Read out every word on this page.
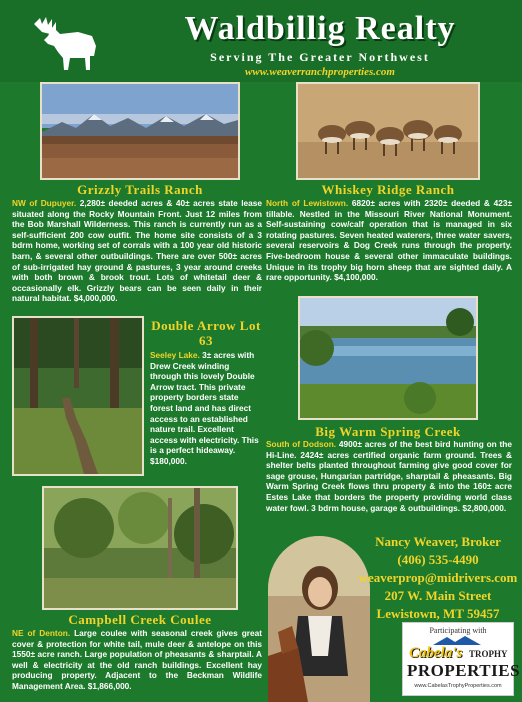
Waldbillig Realty
Serving The Greater Northwest
www.weaverranchproperties.com
Grizzly Trails Ranch
NW of Dupuyer. 2,280± deeded acres & 40± acres state lease situated along the Rocky Mountain Front. Just 12 miles from the Bob Marshall Wilderness. This ranch is currently run as a self-sufficient 200 cow outfit. The home site consists of a 3 bdrm home, working set of corrals with a 100 year old historic barn, & several other outbuildings. There are over 500± acres of sub-irrigated hay ground & pastures, 3 year around creeks with both brown & brook trout. Lots of whitetail deer & occasionally elk. Grizzly bears can be seen daily in their natural habitat. $4,000,000.
Whiskey Ridge Ranch
North of Lewistown. 6820± acres with 2320± deeded & 423± tillable. Nestled in the Missouri River National Monument. Self-sustaining cow/calf operation that is managed in six rotating pastures. Seven heated waterers, three water savers, several reservoirs & Dog Creek runs through the property. Five-bedroom house & several other immaculate buildings. Unique in its trophy big horn sheep that are sighted daily. A rare opportunity. $4,100,000.
Double Arrow Lot 63
Seeley Lake. 3± acres with Drew Creek winding through this lovely Double Arrow tract. This private property borders state forest land and has direct access to an established nature trail. Excellent access with electricity. This is a perfect hideaway. $180,000.
Big Warm Spring Creek
South of Dodson. 4900± acres of the best bird hunting on the Hi-Line. 2424± acres certified organic farm ground. Trees & shelter belts planted throughout farming give good cover for sage grouse, Hungarian partridge, sharptail & pheasants. Big Warm Spring Creek flows thru property & into the 160± acre Estes Lake that borders the property providing world class water fowl. 3 bdrm house, garage & outbuildings. $2,800,000.
Campbell Creek Coulee
NE of Denton. Large coulee with seasonal creek gives great cover & protection for white tail, mule deer & antelope on this 1550± acre ranch. Large population of pheasants & sharptail. A well & electricity at the old ranch buildings. Excellent hay producing property. Adjacent to the Beckman Wildlife Management Area. $1,866,000.
Nancy Weaver, Broker
(406) 535-4490
weaverprop@midrivers.com
207 W. Main Street
Lewistown, MT 59457
Participating with
Cabela's TROPHY
PROPERTIES
www.CabelasTrophyProperties.com
